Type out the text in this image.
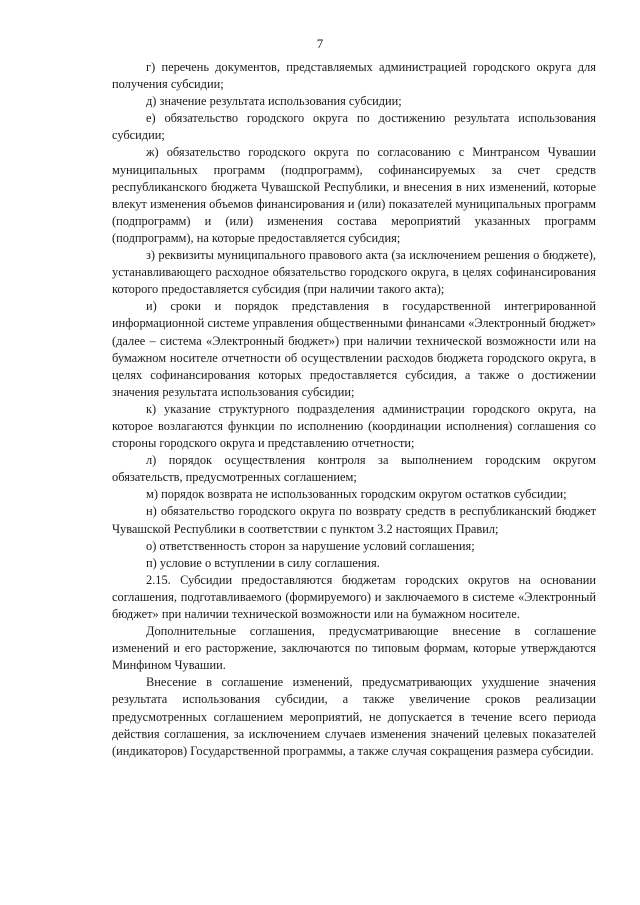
7

г) перечень документов, представляемых администрацией городского округа для получения субсидии;

д) значение результата использования субсидии;

е) обязательство городского округа по достижению результата использования субсидии;

ж) обязательство городского округа по согласованию с Минтрансом Чувашии муниципальных программ (подпрограмм), софинансируемых за счет средств республиканского бюджета Чувашской Республики, и внесения в них изменений, которые влекут изменения объемов финансирования и (или) показателей муниципальных программ (подпрограмм) и (или) изменения состава мероприятий указанных программ (подпрограмм), на которые предоставляется субсидия;

з) реквизиты муниципального правового акта (за исключением решения о бюджете), устанавливающего расходное обязательство городского округа, в целях софинансирования которого предоставляется субсидия (при наличии такого акта);

и) сроки и порядок представления в государственной интегрированной информационной системе управления общественными финансами «Электронный бюджет» (далее – система «Электронный бюджет») при наличии технической возможности или на бумажном носителе отчетности об осуществлении расходов бюджета городского округа, в целях софинансирования которых предоставляется субсидия, а также о достижении значения результата использования субсидии;

к) указание структурного подразделения администрации городского округа, на которое возлагаются функции по исполнению (координации исполнения) соглашения со стороны городского округа и представлению отчетности;

л) порядок осуществления контроля за выполнением городским округом обязательств, предусмотренных соглашением;

м) порядок возврата не использованных городским округом остатков субсидии;

н) обязательство городского округа по возврату средств в республиканский бюджет Чувашской Республики в соответствии с пунктом 3.2 настоящих Правил;

о) ответственность сторон за нарушение условий соглашения;

п) условие о вступлении в силу соглашения.

2.15. Субсидии предоставляются бюджетам городских округов на основании соглашения, подготавливаемого (формируемого) и заключаемого в системе «Электронный бюджет» при наличии технической возможности или на бумажном носителе.

Дополнительные соглашения, предусматривающие внесение в соглашение изменений и его расторжение, заключаются по типовым формам, которые утверждаются Минфином Чувашии.

Внесение в соглашение изменений, предусматривающих ухудшение значения результата использования субсидии, а также увеличение сроков реализации предусмотренных соглашением мероприятий, не допускается в течение всего периода действия соглашения, за исключением случаев изменения значений целевых показателей (индикаторов) Государственной программы, а также случая сокращения размера субсидии.
